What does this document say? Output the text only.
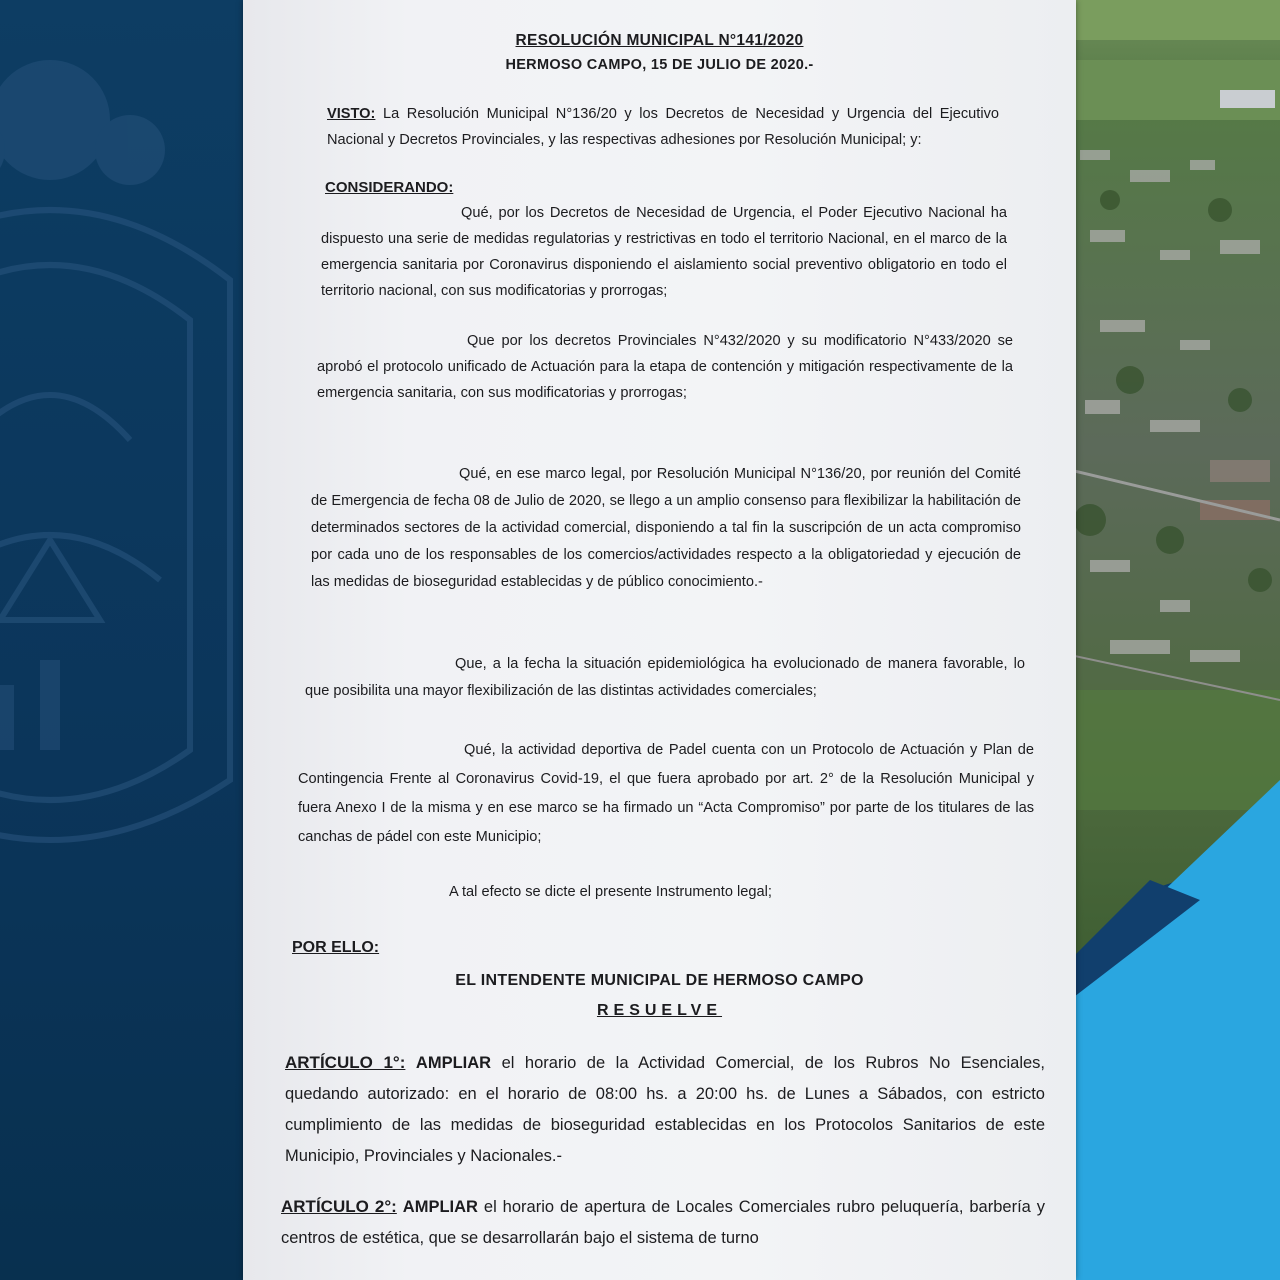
RESOLUCIÓN MUNICIPAL N°141/2020
HERMOSO CAMPO, 15 DE JULIO DE 2020.-
VISTO: La Resolución Municipal N°136/20 y los Decretos de Necesidad y Urgencia del Ejecutivo Nacional y Decretos Provinciales, y las respectivas adhesiones por Resolución Municipal; y:
CONSIDERANDO:
Qué, por los Decretos de Necesidad de Urgencia, el Poder Ejecutivo Nacional ha dispuesto una serie de medidas regulatorias y restrictivas en todo el territorio Nacional, en el marco de la emergencia sanitaria por Coronavirus disponiendo el aislamiento social preventivo obligatorio en todo el territorio nacional, con sus modificatorias y prorrogas;
Que por los decretos Provinciales N°432/2020 y su modificatorio N°433/2020 se aprobó el protocolo unificado de Actuación para la etapa de contención y mitigación respectivamente de la emergencia sanitaria, con sus modificatorias y prorrogas;
Qué, en ese marco legal, por Resolución Municipal N°136/20, por reunión del Comité de Emergencia de fecha 08 de Julio de 2020, se llego a un amplio consenso para flexibilizar la habilitación de determinados sectores de la actividad comercial, disponiendo a tal fin la suscripción de un acta compromiso por cada uno de los responsables de los comercios/actividades respecto a la obligatoriedad y ejecución de las medidas de bioseguridad establecidas y de público conocimiento.-
Que, a la fecha la situación epidemiológica ha evolucionado de manera favorable, lo que posibilita una mayor flexibilización de las distintas actividades comerciales;
Qué, la actividad deportiva de Padel cuenta con un Protocolo de Actuación y Plan de Contingencia Frente al Coronavirus Covid-19, el que fuera aprobado por art. 2° de la Resolución Municipal y fuera Anexo I de la misma y en ese marco se ha firmado un “Acta Compromiso” por parte de los titulares de las canchas de pádel con este Municipio;
A tal efecto se dicte el presente Instrumento legal;
POR ELLO:
EL INTENDENTE MUNICIPAL DE HERMOSO CAMPO
RESUELVE
ARTÍCULO 1°: AMPLIAR el horario de la Actividad Comercial, de los Rubros No Esenciales, quedando autorizado: en el horario de 08:00 hs. a 20:00 hs. de Lunes a Sábados, con estricto cumplimiento de las medidas de bioseguridad establecidas en los Protocolos Sanitarios de este Municipio, Provinciales y Nacionales.-
ARTÍCULO 2°: AMPLIAR el horario de apertura de Locales Comerciales rubro peluquería, barbería y centros de estética, que se desarrollarán bajo el sistema de turno
